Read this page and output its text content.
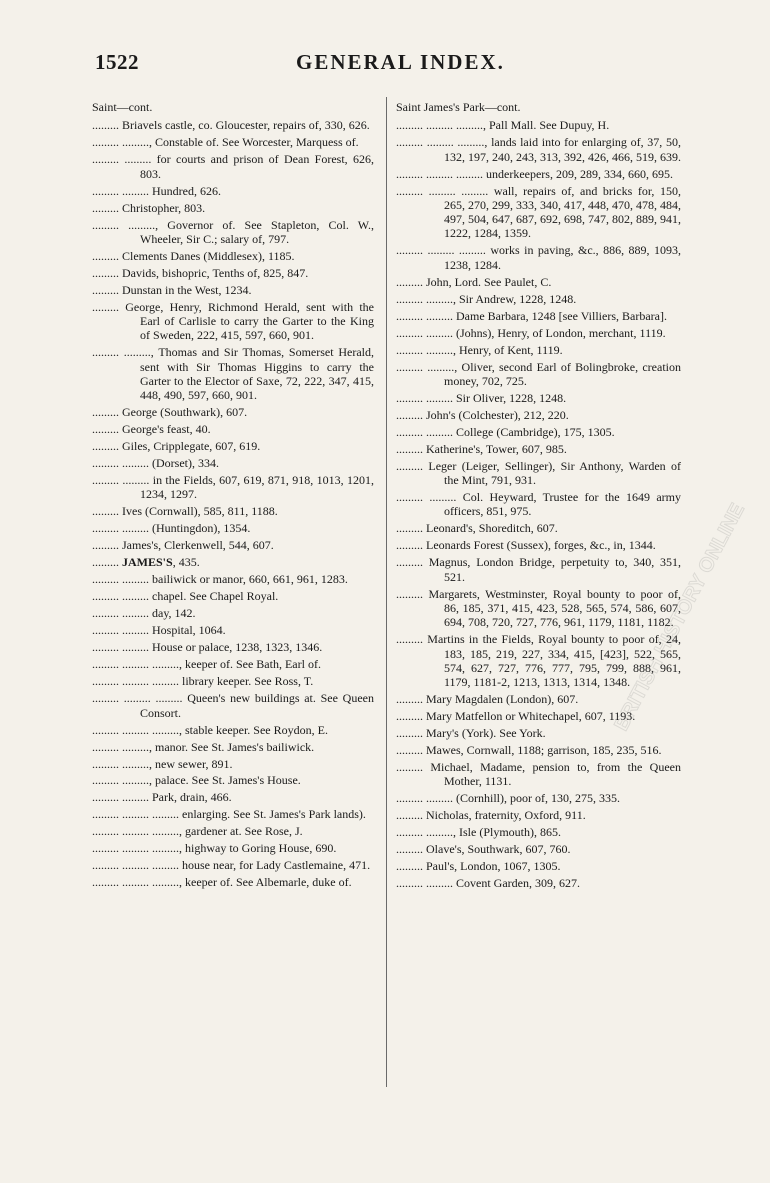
1522	GENERAL INDEX.

Saint—cont.

......... Briavels castle, co. Gloucester, repairs of, 330, 626.

......... ........., Constable of. See Worcester, Marquess of.

......... ......... for courts and prison of Dean Forest, 626, 803.

......... ......... Hundred, 626.

......... Christopher, 803.

......... ........., Governor of. See Stapleton, Col. W., Wheeler, Sir C.; salary of, 797.

......... Clements Danes (Middlesex), 1185.

......... Davids, bishopric, Tenths of, 825, 847.

......... Dunstan in the West, 1234.

......... George, Henry, Richmond Herald, sent with the Earl of Carlisle to carry the Garter to the King of Sweden, 222, 415, 597, 660, 901.

......... ........., Thomas and Sir Thomas, Somerset Herald, sent with Sir Thomas Higgins to carry the Garter to the Elector of Saxe, 72, 222, 347, 415, 448, 490, 597, 660, 901.

......... George (Southwark), 607.

......... George's feast, 40.

......... Giles, Cripplegate, 607, 619.

......... ......... (Dorset), 334.

......... ......... in the Fields, 607, 619, 871, 918, 1013, 1201, 1234, 1297.

......... Ives (Cornwall), 585, 811, 1188.

......... ......... (Huntingdon), 1354.

......... James's, Clerkenwell, 544, 607.

......... JAMES'S, 435.

......... ......... bailiwick or manor, 660, 661, 961, 1283.

......... ......... chapel. See Chapel Royal.

......... ......... day, 142.

......... ......... Hospital, 1064.

......... ......... House or palace, 1238, 1323, 1346.

......... ......... ........., keeper of. See Bath, Earl of.

......... ......... ......... library keeper. See Ross, T.

......... ......... ......... Queen's new buildings at. See Queen Consort.

......... ......... ........., stable keeper. See Roydon, E.

......... ........., manor. See St. James's bailiwick.

......... ........., new sewer, 891.

......... ........., palace. See St. James's House.

......... ......... Park, drain, 466.

......... ......... ......... enlarging. See St. James's Park lands).

......... ......... ........., gardener at. See Rose, J.

......... ......... ........., highway to Goring House, 690.

......... ......... ......... house near, for Lady Castlemaine, 471.

......... ......... ........., keeper of. See Albemarle, duke of.

Saint James's Park—cont.

......... ......... ........., Pall Mall. See Dupuy, H.

......... ......... ........., lands laid into for enlarging of, 37, 50, 132, 197, 240, 243, 313, 392, 426, 466, 519, 639.

......... ......... ......... underkeepers, 209, 289, 334, 660, 695.

......... ......... ......... wall, repairs of, and bricks for, 150, 265, 270, 299, 333, 340, 417, 448, 470, 478, 484, 497, 504, 647, 687, 692, 698, 747, 802, 889, 941, 1222, 1284, 1359.

......... ......... ......... works in paving, &c., 886, 889, 1093, 1238, 1284.

......... John, Lord. See Paulet, C.

......... ........., Sir Andrew, 1228, 1248.

......... ......... Dame Barbara, 1248 [see Villiers, Barbara].

......... ......... (Johns), Henry, of London, merchant, 1119.

......... ........., Henry, of Kent, 1119.

......... ........., Oliver, second Earl of Bolingbroke, creation money, 702, 725.

......... ......... Sir Oliver, 1228, 1248.

......... John's (Colchester), 212, 220.

......... ......... College (Cambridge), 175, 1305.

......... Katherine's, Tower, 607, 985.

......... Leger (Leiger, Sellinger), Sir Anthony, Warden of the Mint, 791, 931.

......... ......... Col. Heyward, Trustee for the 1649 army officers, 851, 975.

......... Leonard's, Shoreditch, 607.

......... Leonards Forest (Sussex), forges, &c., in, 1344.

......... Magnus, London Bridge, perpetuity to, 340, 351, 521.

......... Margarets, Westminster, Royal bounty to poor of, 86, 185, 371, 415, 423, 528, 565, 574, 586, 607, 694, 708, 720, 727, 776, 961, 1179, 1181, 1182.

......... Martins in the Fields, Royal bounty to poor of, 24, 183, 185, 219, 227, 334, 415, [423], 522, 565, 574, 627, 727, 776, 777, 795, 799, 888, 961, 1179, 1181-2, 1213, 1313, 1314, 1348.

......... Mary Magdalen (London), 607.

......... Mary Matfellon or Whitechapel, 607, 1193.

......... Mary's (York). See York.

......... Mawes, Cornwall, 1188; garrison, 185, 235, 516.

......... Michael, Madame, pension to, from the Queen Mother, 1131.

......... ......... (Cornhill), poor of, 130, 275, 335.

......... Nicholas, fraternity, Oxford, 911.

......... ........., Isle (Plymouth), 865.

......... Olave's, Southwark, 607, 760.

......... Paul's, London, 1067, 1305.

......... ......... Covent Garden, 309, 627.

BRITISH HISTORY ONLINE
